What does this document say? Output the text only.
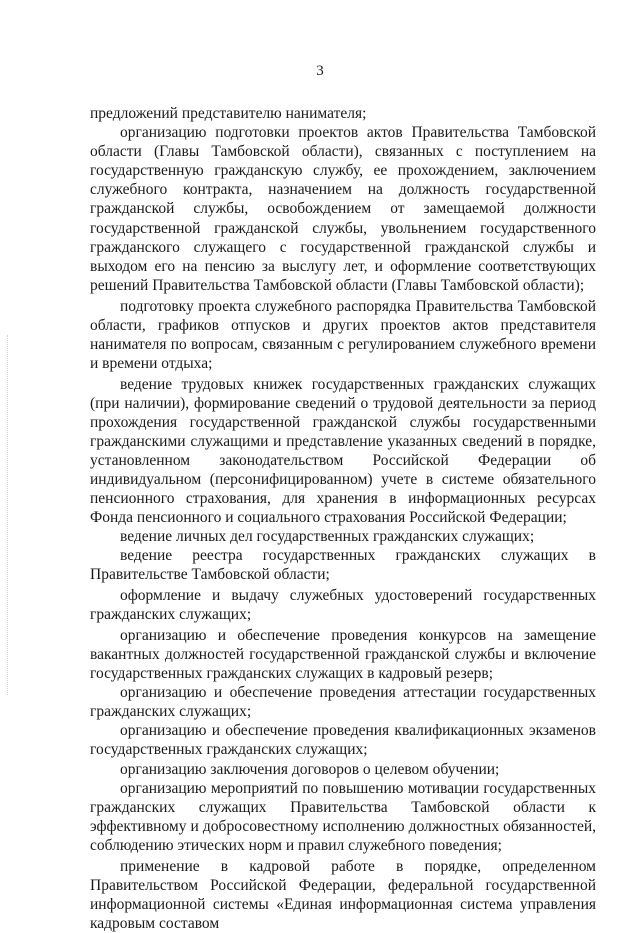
3

предложений представителю нанимателя;

организацию подготовки проектов актов Правительства Тамбовской области (Главы Тамбовской области), связанных с поступлением на государственную гражданскую службу, ее прохождением, заключением служебного контракта, назначением на должность государственной гражданской службы, освобождением от замещаемой должности государственной гражданской службы, увольнением государственного гражданского служащего с государственной гражданской службы и выходом его на пенсию за выслугу лет, и оформление соответствующих решений Правительства Тамбовской области (Главы Тамбовской области);

подготовку проекта служебного распорядка Правительства Тамбовской области, графиков отпусков и других проектов актов представителя нанимателя по вопросам, связанным с регулированием служебного времени и времени отдыха;

ведение трудовых книжек государственных гражданских служащих (при наличии), формирование сведений о трудовой деятельности за период прохождения государственной гражданской службы государственными гражданскими служащими и представление указанных сведений в порядке, установленном законодательством Российской Федерации об индивидуальном (персонифицированном) учете в системе обязательного пенсионного страхования, для хранения в информационных ресурсах Фонда пенсионного и социального страхования Российской Федерации;

ведение личных дел государственных гражданских служащих;

ведение реестра государственных гражданских служащих в Правительстве Тамбовской области;

оформление и выдачу служебных удостоверений государственных гражданских служащих;

организацию и обеспечение проведения конкурсов на замещение вакантных должностей государственной гражданской службы и включение государственных гражданских служащих в кадровый резерв;

организацию и обеспечение проведения аттестации государственных гражданских служащих;

организацию и обеспечение проведения квалификационных экзаменов государственных гражданских служащих;

организацию заключения договоров о целевом обучении;

организацию мероприятий по повышению мотивации государственных гражданских служащих Правительства Тамбовской области к эффективному и добросовестному исполнению должностных обязанностей, соблюдению этических норм и правил служебного поведения;

применение в кадровой работе в порядке, определенном Правительством Российской Федерации, федеральной государственной информационной системы «Единая информационная система управления кадровым составом
